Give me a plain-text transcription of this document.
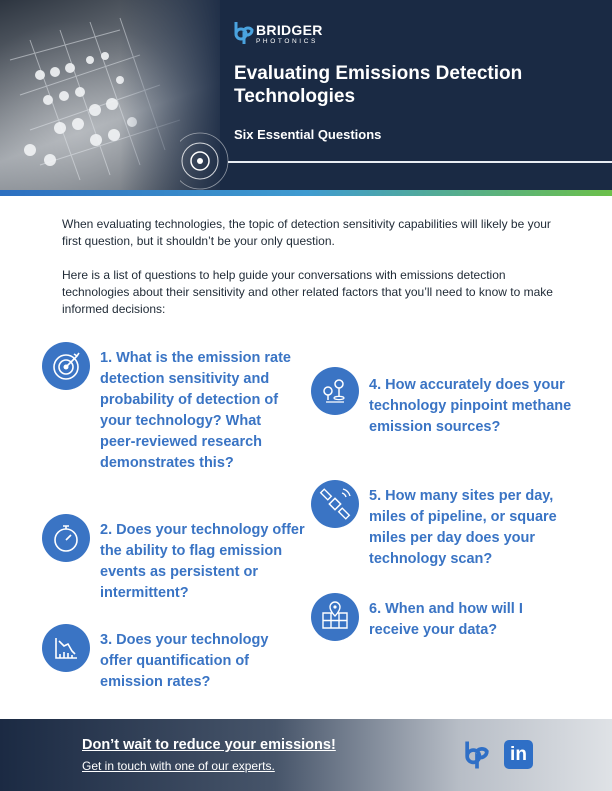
BRIDGER
PHOTONICS
Evaluating Emissions Detection Technologies
Six Essential Questions

When evaluating technologies, the topic of detection sensitivity capabilities will likely be your first question, but it shouldn’t be your only question.

Here is a list of questions to help guide your conversations with emissions detection technologies about their sensitivity and other related factors that you’ll need to know to make informed decisions:

1. What is the emission rate detection sensitivity and probability of detection of your technology? What peer-reviewed research demonstrates this?

2. Does your technology offer the ability to flag emission events as persistent or intermittent?

3. Does your technology offer quantification of emission rates?

4. How accurately does your technology pinpoint methane emission sources?

5. How many sites per day, miles of pipeline, or square miles per day does your technology scan?

6. When and how will I receive your data?

Don’t wait to reduce your emissions!

Get in touch with one of our experts.

in
